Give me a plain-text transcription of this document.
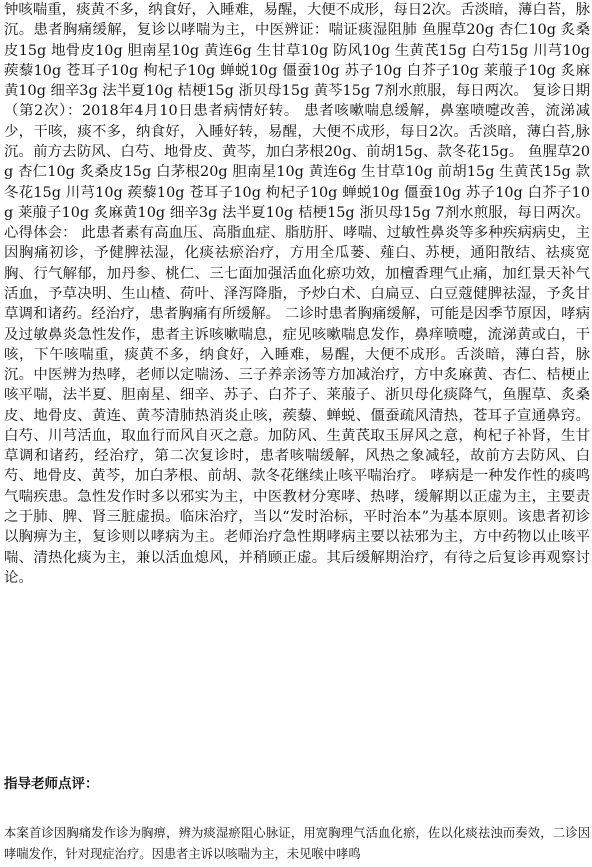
钟咳喘重，痰黄不多，纳食好，入睡难，易醒，大便不成形，每日2次。舌淡暗，薄白苔，脉沉。患者胸痛缓解，复诊以哮喘为主，中医辨证：喘证痰湿阻肺 鱼腥草20g 杏仁10g 炙桑皮15g 地骨皮10g 胆南星10g 黄连6g 生甘草10g 防风10g 生黄芪15g 白芍15g 川芎10g 蒺藜10g 苍耳子10g 枸杞子10g 蝉蜕10g 僵蚕10g 苏子10g 白芥子10g 莱菔子10g 炙麻黄10g 细辛3g 法半夏10g 桔梗15g 浙贝母15g 黄芩15g 7剂水煎服，每日两次。 复诊日期（第2次）：2018年4月10日患者病情好转。 患者咳嗽喘息缓解，鼻塞喷嚏改善，流涕减少，干咳，痰不多，纳食好，入睡好转，易醒，大便不成形，每日2次。舌淡暗，薄白苔,脉沉。前方去防风、白芍、地骨皮、黄芩，加白茅根20g、前胡15g、款冬花15g。 鱼腥草20g 杏仁10g 炙桑皮15g 白茅根20g 胆南星10g 黄连6g 生甘草10g 前胡15g 生黄芪15g 款冬花15g 川芎10g 蒺藜10g 苍耳子10g 枸杞子10g 蝉蜕10g 僵蚕10g 苏子10g 白芥子10g 莱菔子10g 炙麻黄10g 细辛3g 法半夏10g 桔梗15g 浙贝母15g 7剂水煎服，每日两次。 心得体会： 此患者素有高血压、高脂血症、脂肪肝、哮喘、过敏性鼻炎等多种疾病病史，主因胸痛初诊，予健脾祛湿，化痰祛瘀治疗，方用全瓜蒌、薤白、苏梗，通阳散结、祛痰宽胸、行气解郁，加丹参、桃仁、三七面加强活血化瘀功效，加檀香理气止痛，加红景天补气活血，予草决明、生山楂、荷叶、泽泻降脂，予炒白术、白扁豆、白豆蔻健脾祛湿，予炙甘草调和诸药。经治疗，患者胸痛有所缓解。 二诊时患者胸痛缓解，可能是因季节原因，哮病及过敏鼻炎急性发作，患者主诉咳嗽喘息，症见咳嗽喘息发作，鼻痒喷嚏，流涕黄或白，干咳，下午咳喘重，痰黄不多，纳食好，入睡难，易醒，大便不成形。舌淡暗，薄白苔，脉沉。中医辨为热哮，老师以定喘汤、三子养亲汤等方加减治疗，方中炙麻黄、杏仁、桔梗止咳平喘，法半夏、胆南星、细辛、苏子、白芥子、莱菔子、浙贝母化痰降气，鱼腥草、炙桑皮、地骨皮、黄连、黄芩清肺热消炎止咳，蒺藜、蝉蜕、僵蚕疏风清热，苍耳子宣通鼻窍。白芍、川芎活血，取血行而风自灭之意。加防风、生黄芪取玉屏风之意，枸杞子补肾，生甘草调和诸药，经治疗，第二次复诊时，患者咳喘缓解，风热之象减轻，故前方去防风、白芍、地骨皮、黄芩，加白茅根、前胡、款冬花继续止咳平喘治疗。 哮病是一种发作性的痰鸣气喘疾患。急性发作时多以邪实为主，中医教材分寒哮、热哮，缓解期以正虚为主，主要责之于肺、脾、肾三脏虚损。临床治疗，当以“发时治标，平时治本”为基本原则。该患者初诊以胸痹为主，复诊则以哮病为主。老师治疗急性期哮病主要以祛邪为主，方中药物以止咳平喘、清热化痰为主，兼以活血熄风，并稍顾正虚。其后缓解期治疗，有待之后复诊再观察讨论。

指导老师点评：

本案首诊因胸痛发作诊为胸痹，辨为痰湿瘀阻心脉证，用宽胸理气活血化瘀，佐以化痰祛浊而奏效，二诊因哮喘发作，针对现症治疗。因患者主诉以咳喘为主，未见喉中哮鸣
